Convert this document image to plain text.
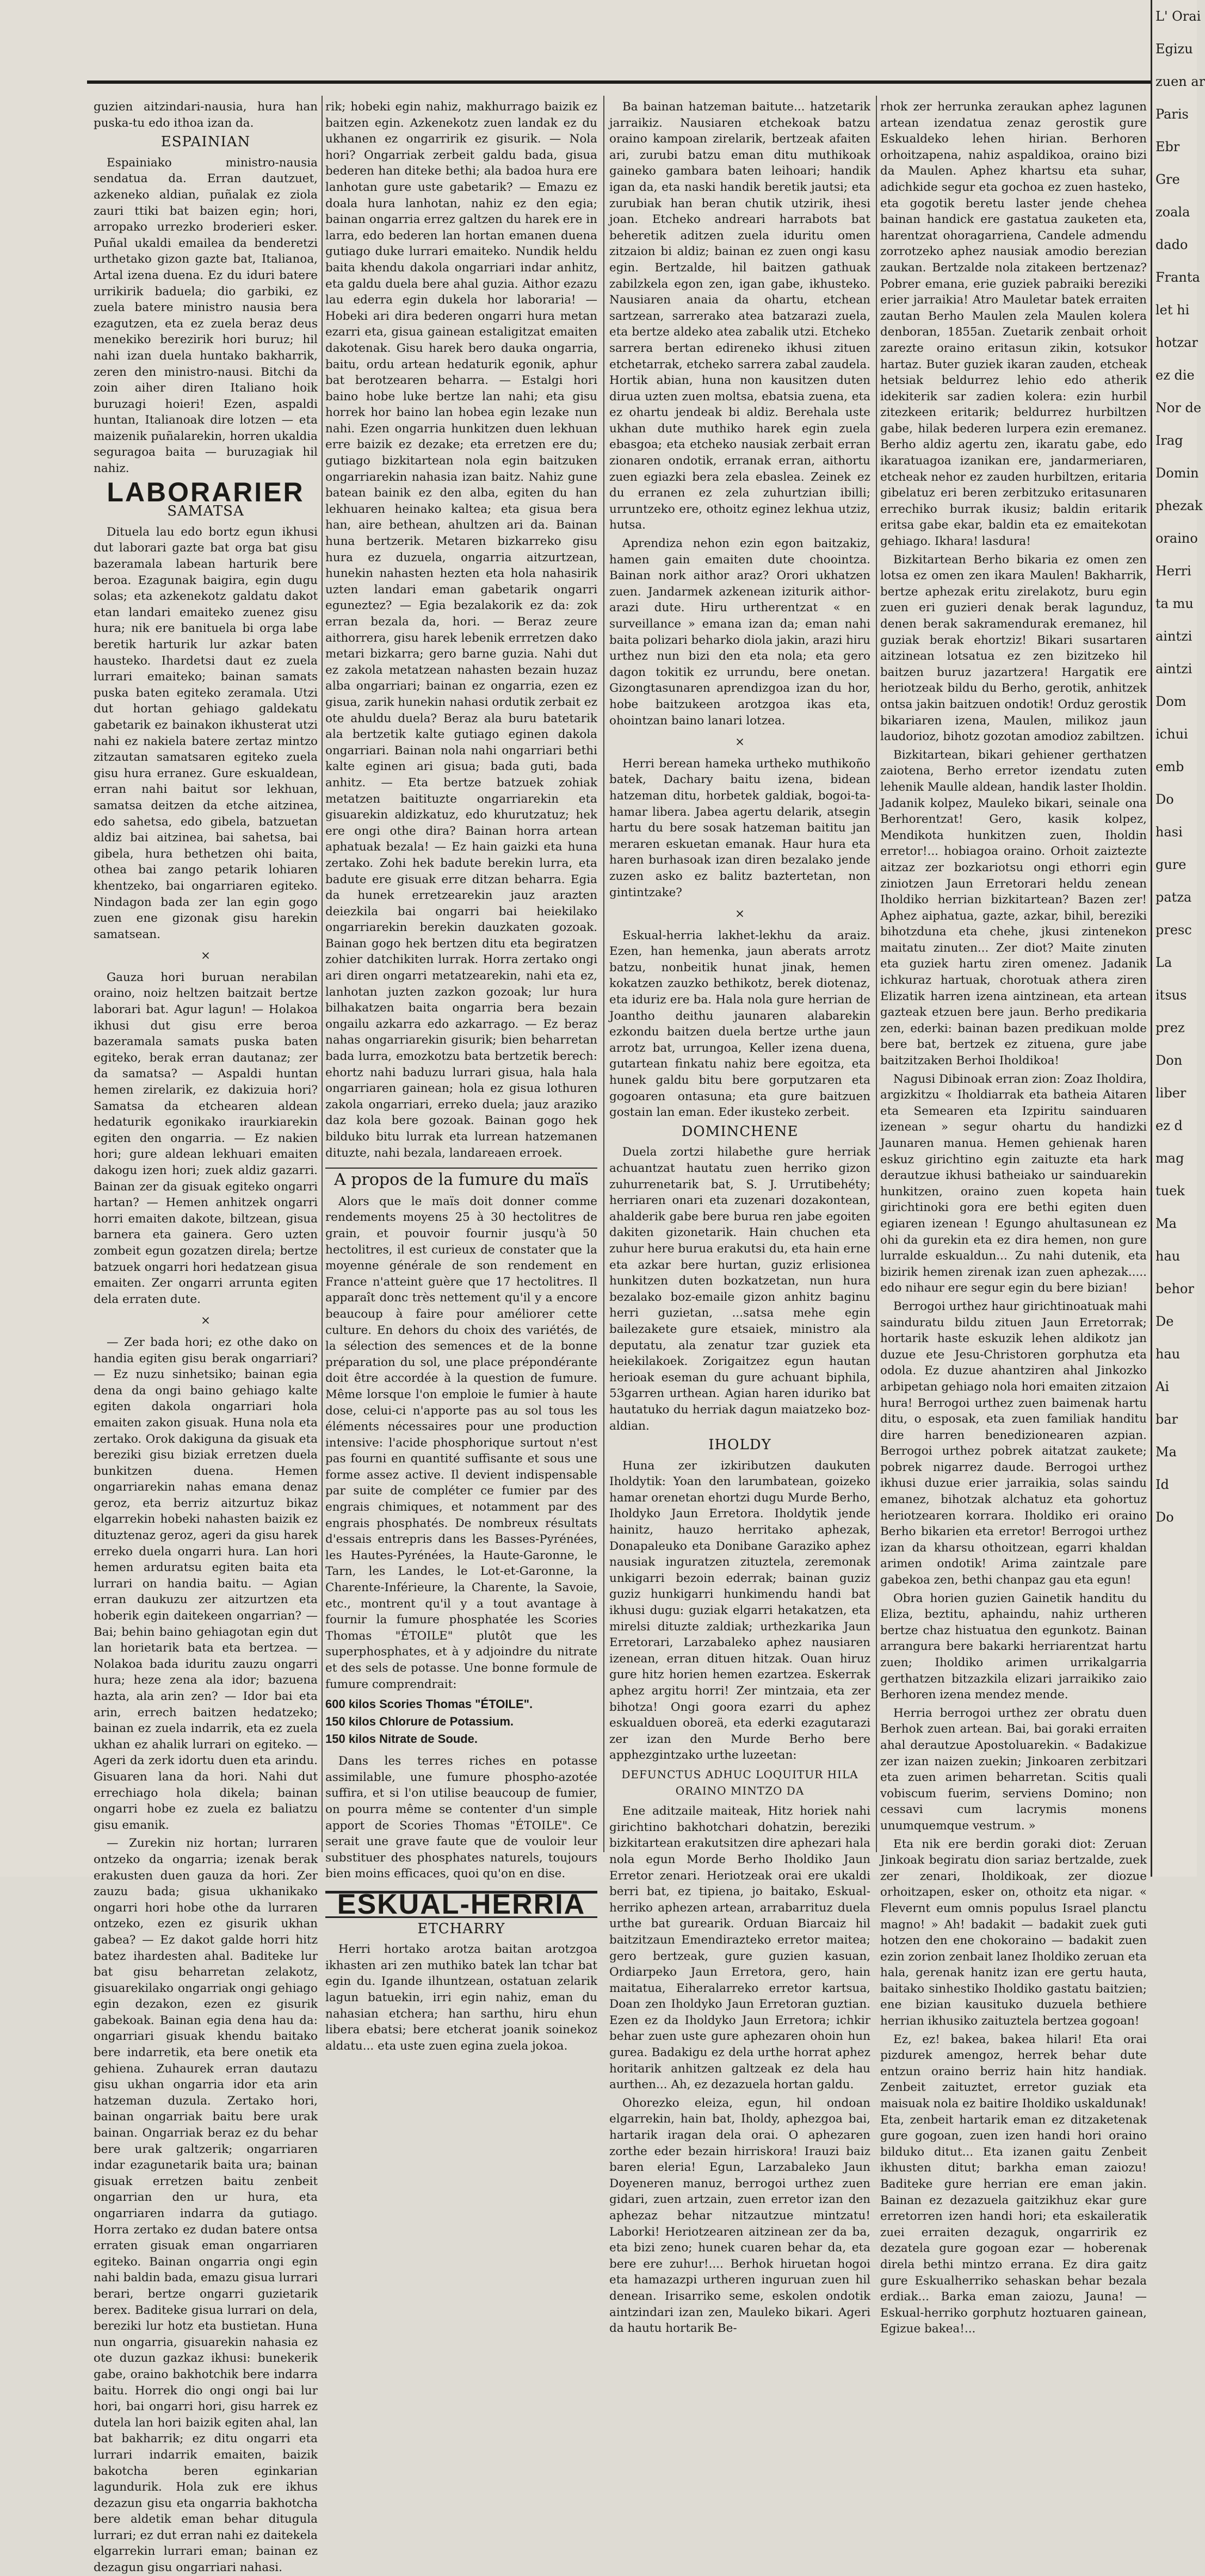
guzien aitzindari-nausia, hura han puska-tu edo ithoa izan da.

ESPAINIAN

Espainiako ministro-nausia sendatua da. Erran dautzuet, azkeneko aldian, puñalak ez ziola zauri ttiki bat baizen egin; hori, arropako urrezko broderieri esker. Puñal ukaldi emailea da benderetzi urthetako gizon gazte bat, Italianoa, Artal izena duena. Ez du iduri batere urrikirik baduela; dio garbiki, ez zuela batere ministro nausia bera ezagutzen, eta ez zuela beraz deus menekiko berezirik hori buruz; hil nahi izan duela huntako bakharrik, zeren den ministro-nausi. Bitchi da zoin aiher diren Italiano hoik buruzagi hoieri! Ezen, aspaldi huntan, Italianoak dire lotzen — eta maizenik puñalarekin, horren ukaldia seguragoa baita — buruzagiak hil nahiz.

LABORARIER
SAMATSA

Dituela lau edo bortz egun ikhusi dut laborari gazte bat orga bat gisu bazeramala labean harturik bere beroa. Ezagunak baigira, egin dugu solas; eta azkenekotz galdatu dakot etan landari emaiteko zuenez gisu hura; nik ere banituela bi orga labe beretik harturik lur azkar baten hausteko. Ihardetsi daut ez zuela lurrari emaiteko; bainan samats puska baten egiteko zeramala. Utzi dut hortan gehiago galdekatu gabetarik ez bainakon ikhusterat utzi nahi ez nakiela batere zertaz mintzo zitzautan samatsaren egiteko zuela gisu hura erranez. Gure eskualdean, erran nahi baitut sor lekhuan, samatsa deitzen da etche aitzinea, edo sahetsa, edo gibela, batzuetan aldiz bai aitzinea, bai sahetsa, bai gibela, hura bethetzen ohi baita, othea bai zango petarik lohiaren khentzeko, bai ongarriaren egiteko. Nindagon bada zer lan egin gogo zuen ene gizonak gisu harekin samatsean.

×

Gauza hori buruan nerabilan oraino, noiz heltzen baitzait bertze laborari bat. Agur lagun! — Holakoa ikhusi dut gisu erre beroa bazeramala samats puska baten egiteko, berak erran dautanaz; zer da samatsa? — Aspaldi huntan hemen zirelarik, ez dakizuia hori? Samatsa da etchearen aldean hedaturik egonikako iraurkiarekin egiten den ongarria. — Ez nakien hori; gure aldean lekhuari emaiten dakogu izen hori; zuek aldiz gazarri. Bainan zer da gisuak egiteko ongarri hartan? — Hemen anhitzek ongarri horri emaiten dakote, biltzean, gisua barnera eta gainera. Gero uzten zombeit egun gozatzen direla; bertze batzuek ongarri hori hedatzean gisua emaiten. Zer ongarri arrunta egiten dela erraten dute.

×

— Zer bada hori; ez othe dako on handia egiten gisu berak ongarriari? — Ez nuzu sinhetsiko; bainan egia dena da ongi baino gehiago kalte egiten dakola ongarriari hola emaiten zakon gisuak. Huna nola eta zertako. Orok dakiguna da gisuak eta bereziki gisu biziak erretzen duela bunkitzen duena. Hemen ongarriarekin nahas emana denaz geroz, eta berriz aitzurtuz bikaz elgarrekin hobeki nahasten baizik ez dituztenaz geroz, ageri da gisu harek erreko duela ongarri hura. Lan hori hemen arduratsu egiten baita eta lurrari on handia baitu. — Agian erran daukuzu zer aitzurtzen eta hoberik egin daitekeen ongarrian? — Bai; behin baino gehiagotan egin dut lan horietarik bata eta bertzea. — Nolakoa bada iduritu zauzu ongarri hura; heze zena ala idor; bazuena hazta, ala arin zen? — Idor bai eta arin, errech baitzen hedatzeko; bainan ez zuela indarrik, eta ez zuela ukhan ez ahalik lurrari on egiteko. — Ageri da zerk idortu duen eta arindu. Gisuaren lana da hori. Nahi dut errechiago hola dikela; bainan ongarri hobe ez zuela ez baliatzu gisu emanik.

— Zurekin niz hortan; lurraren ontzeko da ongarria; izenak berak erakusten duen gauza da hori. Zer zauzu bada; gisua ukhanikako ongarri hori hobe othe da lurraren ontzeko, ezen ez gisurik ukhan gabea? — Ez dakot galde horri hitz batez ihardesten ahal. Baditeke lur bat gisu beharretan zelakotz, gisuarekilako ongarriak ongi gehiago egin dezakon, ezen ez gisurik gabekoak. Bainan egia dena hau da: ongarriari gisuak khendu baitako bere indarretik, eta bere onetik eta gehiena. Zuhaurek erran dautazu gisu ukhan ongarria idor eta arin hatzeman duzula. Zertako hori, bainan ongarriak baitu bere urak bainan. Ongarriak beraz ez du behar bere urak galtzerik; ongarriaren indar ezagunetarik baita ura; bainan gisuak erretzen baitu zenbeit ongarrian den ur hura, eta ongarriaren indarra da gutiago. Horra zertako ez dudan batere ontsa erraten gisuak eman ongarriaren egiteko. Bainan ongarria ongi egin nahi baldin bada, emazu gisua lurrari berari, bertze ongarri guzietarik berex. Baditeke gisua lurrari on dela, bereziki lur hotz eta bustietan. Huna nun ongarria, gisuarekin nahasia ez ote duzun gazkaz ikhusi: bunekerik gabe, oraino bakhotchik bere indarra baitu. Horrek dio ongi ongi bai lur hori, bai ongarri hori, gisu harrek ez dutela lan hori baizik egiten ahal, lan bat bakharrik; ez ditu ongarri eta lurrari indarrik emaiten, baizik bakotcha beren eginkarian lagundurik. Hola zuk ere ikhus dezazun gisu eta ongarria bakhotcha bere aldetik eman behar ditugula lurrari; ez dut erran nahi ez daitekela elgarrekin lurrari eman; bainan ez dezagun gisu ongarriari nahasi.

rik; hobeki egin nahiz, makhurrago baizik ez baitzen egin. Azkenekotz zuen landak ez du ukhanen ez ongarririk ez gisurik. — Nola hori? Ongarriak zerbeit galdu bada, gisua bederen han diteke bethi; ala badoa hura ere lanhotan gure uste gabetarik? — Emazu ez doala hura lanhotan, nahiz ez den egia; bainan ongarria errez galtzen du harek ere in larra, edo bederen lan hortan emanen duena gutiago duke lurrari emaiteko. Nundik heldu baita khendu dakola ongarriari indar anhitz, eta galdu duela bere ahal guzia. Aithor ezazu lau ederra egin dukela hor laboraria! — Hobeki ari dira bederen ongarri hura metan ezarri eta, gisua gainean estaligitzat emaiten dakotenak. Gisu harek bero dauka ongarria, baitu, ordu artean hedaturik egonik, aphur bat berotzearen beharra. — Estalgi hori baino hobe luke bertze lan nahi; eta gisu horrek hor baino lan hobea egin lezake nun nahi. Ezen ongarria hunkitzen duen lekhuan erre baizik ez dezake; eta erretzen ere du; gutiago bizkitartean nola egin baitzuken ongarriarekin nahasia izan baitz. Nahiz gune batean bainik ez den alba, egiten du han lekhuaren heinako kaltea; eta gisua bera han, aire bethean, ahultzen ari da. Bainan huna bertzerik. Metaren bizkarreko gisu hura ez duzuela, ongarria aitzurtzean, hunekin nahasten hezten eta hola nahasirik uzten landari eman gabetarik ongarri eguneztez? — Egia bezalakorik ez da: zok erran bezala da, hori. — Beraz zeure aithorrera, gisu harek lebenik errretzen dako metari bizkarra; gero barne guzia. Nahi dut ez zakola metatzean nahasten bezain huzaz alba ongarriari; bainan ez ongarria, ezen ez gisua, zarik hunekin nahasi ordutik zerbait ez ote ahuldu duela? Beraz ala buru batetarik ala bertzetik kalte gutiago eginen dakola ongarriari. Bainan nola nahi ongarriari bethi kalte eginen ari gisua; bada guti, bada anhitz. — Eta bertze batzuek zohiak metatzen baitituzte ongarriarekin eta gisuarekin aldizkatuz, edo khurutzatuz; hek ere ongi othe dira? Bainan horra artean aphatuak bezala! — Ez hain gaizki eta huna zertako. Zohi hek badute berekin lurra, eta badute ere gisuak erre ditzan beharra. Egia da hunek erretzearekin jauz arazten deiezkila bai ongarri bai heiekilako ongarriarekin berekin dauzkaten gozoak. Bainan gogo hek bertzen ditu eta begiratzen zohier datchikiten lurrak. Horra zertako ongi ari diren ongarri metatzearekin, nahi eta ez, lanhotan juzten zazkon gozoak; lur hura bilhakatzen baita ongarria bera bezain ongailu azkarra edo azkarrago. — Ez beraz nahas ongarriarekin gisurik; bien beharretan bada lurra, emozkotzu bata bertzetik berech: ehortz nahi baduzu lurrari gisua, hala hala ongarriaren gainean; hola ez gisua lothuren zakola ongarriari, erreko duela; jauz araziko daz kola bere gozoak. Bainan gogo hek bilduko bitu lurrak eta lurrean hatzemanen dituzte, nahi bezala, landareaen erroek.

A propos de la fumure du maïs

Alors que le maïs doit donner comme rendements moyens 25 à 30 hectolitres de grain, et pouvoir fournir jusqu'à 50 hectolitres, il est curieux de constater que la moyenne générale de son rendement en France n'atteint guère que 17 hectolitres. Il apparaît donc très nettement qu'il y a encore beaucoup à faire pour améliorer cette culture. En dehors du choix des variétés, de la sélection des semences et de la bonne préparation du sol, une place prépondérante doit être accordée à la question de fumure. Même lorsque l'on emploie le fumier à haute dose, celui-ci n'apporte pas au sol tous les éléments nécessaires pour une production intensive: l'acide phosphorique surtout n'est pas fourni en quantité suffisante et sous une forme assez active. Il devient indispensable par suite de compléter ce fumier par des engrais chimiques, et notamment par des engrais phosphatés. De nombreux résultats d'essais entrepris dans les Basses-Pyrénées, les Hautes-Pyrénées, la Haute-Garonne, le Tarn, les Landes, le Lot-et-Garonne, la Charente-Inférieure, la Charente, la Savoie, etc., montrent qu'il y a tout avantage à fournir la fumure phosphatée les Scories Thomas "ÉTOILE" plutôt que les superphosphates, et à y adjoindre du nitrate et des sels de potasse. Une bonne formule de fumure comprendrait:

600 kilos Scories Thomas "ÉTOILE".
150 kilos Chlorure de Potassium.
150 kilos Nitrate de Soude.

Dans les terres riches en potasse assimilable, une fumure phospho-azotée suffira, et si l'on utilise beaucoup de fumier, on pourra même se contenter d'un simple apport de Scories Thomas "ÉTOILE". Ce serait une grave faute que de vouloir leur substituer des phosphates naturels, toujours bien moins efficaces, quoi qu'on en dise.

ESKUAL-HERRIA
ETCHARRY

Herri hortako arotza baitan arotzgoa ikhasten ari zen muthiko batek lan tchar bat egin du. Igande ilhuntzean, ostatuan zelarik lagun batuekin, irri egin nahiz, eman du nahasian etchera; han sarthu, hiru ehun libera ebatsi; bere etcherat joanik soinekoz aldatu... eta uste zuen egina zuela jokoa.

Ba bainan hatzeman baitute... hatzetarik jarraikiz. Nausiaren etchekoak batzu oraino kampoan zirelarik, bertzeak afaiten ari, zurubi batzu eman ditu muthikoak gaineko gambara baten leihoari; handik igan da, eta naski handik beretik jautsi; eta zurubiak han beran chutik utzirik, ihesi joan. Etcheko andreari harrabots bat beheretik aditzen zuela iduritu omen zitzaion bi aldiz; bainan ez zuen ongi kasu egin. Bertzalde, hil baitzen gathuak zabilzkela egon zen, igan gabe, ikhusteko. Nausiaren anaia da ohartu, etchean sartzean, sarrerako atea batzarazi zuela, eta bertze aldeko atea zabalik utzi. Etcheko sarrera bertan edireneko ikhusi zituen etchetarrak, etcheko sarrera zabal zaudela. Hortik abian, huna non kausitzen duten dirua uzten zuen moltsa, ebatsia zuena, eta ez ohartu jendeak bi aldiz. Berehala uste ukhan dute muthiko harek egin zuela ebasgoa; eta etcheko nausiak zerbait erran zionaren ondotik, erranak erran, aithortu zuen egiazki bera zela ebaslea. Zeinek ez du erranen ez zela zuhurtzian ibilli; urruntzeko ere, othoitz eginez lekhua utziz, hutsa.

Aprendiza nehon ezin egon baitzakiz, hamen gain emaiten dute choointza. Bainan nork aithor araz? Orori ukhatzen zuen. Jandarmek azkenean iziturik aithor-arazi dute. Hiru urtherentzat « en surveillance » emana izan da; eman nahi baita polizari beharko diola jakin, arazi hiru urthez nun bizi den eta nola; eta gero dagon tokitik ez urrundu, bere onetan. Gizongtasunaren aprendizgoa izan du hor, hobe baitzukeen arotzgoa ikas eta, ohointzan baino lanari lotzea.

×

Herri berean hameka urtheko muthikoño batek, Dachary baitu izena, bidean hatzeman ditu, horbetek galdiak, bogoi-ta-hamar libera. Jabea agertu delarik, atsegin hartu du bere sosak hatzeman baititu jan meraren eskuetan emanak. Haur hura eta haren burhasoak izan diren bezalako jende zuzen asko ez balitz baztertetan, non gintintzake?

×

Eskual-herria lakhet-lekhu da araiz. Ezen, han hemenka, jaun aberats arrotz batzu, nonbeitik hunat jinak, hemen kokatzen zauzko bethikotz, berek diotenaz, eta iduriz ere ba. Hala nola gure herrian de Joantho deithu jaunaren alabarekin ezkondu baitzen duela bertze urthe jaun arrotz bat, urrungoa, Keller izena duena, gutartean finkatu nahiz bere egoitza, eta hunek galdu bitu bere gorputzaren eta gogoaren ontasuna; eta gure baitzuen gostain lan eman. Eder ikusteko zerbeit.

DOMINCHENE

Duela zortzi hilabethe gure herriak achuantzat hautatu zuen herriko gizon zuhurrenetarik bat, S. J. Urrutibehéty; herriaren onari eta zuzenari dozakontean, ahalderik gabe bere burua ren jabe egoiten dakiten gizonetarik. Hain chuchen eta zuhur here burua erakutsi du, eta hain erne eta azkar bere hurtan, guziz erlisionea hunkitzen duten bozkatzetan, nun hura bezalako boz-emaile gizon anhitz baginu herri guzietan, ...satsa mehe egin bailezakete gure etsaiek, ministro ala deputatu, ala zenatur tzar guziek eta heiekilakoek. Zorigaitzez egun hautan herioak eseman du gure achuant biphila, 53garren urthean. Agian haren iduriko bat hautatuko du herriak dagun maiatzeko boz-aldian.

IHOLDY

Huna zer izkiributzen daukuten Iholdytik: Yoan den larumbatean, goizeko hamar orenetan ehortzi dugu Murde Berho, Iholdyko Jaun Erretora. Iholdytik jende hainitz, hauzo herritako aphezak, Donapaleuko eta Donibane Garaziko aphez nausiak inguratzen zituztela, zeremonak unkigarri bezoin ederrak; bainan guziz guziz hunkigarri hunkimendu handi bat ikhusi dugu: guziak elgarri hetakatzen, eta mirelsi dituzte zaldiak; urthezkarika Jaun Erretorari, Larzabaleko aphez nausiaren izenean, erran dituen hitzak. Ouan hiruz gure hitz horien hemen ezartzea. Eskerrak aphez argitu horri! Zer mintzaia, eta zer bihotza! Ongi goora ezarri du aphez eskualduen oboreä, eta ederki ezagutarazi zer izan den Murde Berho bere apphezgintzako urthe luzeetan:

DEFUNCTUS ADHUC LOQUITUR HILA ORAINO MINTZO DA

Ene aditzaile maiteak, Hitz horiek nahi girichtino bakhotchari dohatzin, bereziki bizkitartean erakutsitzen dire aphezari hala nola egun Morde Berho Iholdiko Jaun Erretor zenari. Heriotzeak orai ere ukaldi berri bat, ez tipiena, jo baitako, Eskual-herriko aphezen artean, arrabarrituz duela urthe bat gurearik. Orduan Biarcaiz hil baitzitzaun Emendirazteko erretor maitea; gero bertzeak, gure guzien kasuan, Ordiarpeko Jaun Erretora, gero, hain maitatua, Eiheralarreko erretor kartsua, Doan zen Iholdyko Jaun Erretoran guztian. Ezen ez da Iholdyko Jaun Erretora; ichkir behar zuen uste gure aphezaren ohoin hun gurea. Badakigu ez dela urthe horrat aphez horitarik anhitzen galtzeak ez dela hau aurthen... Ah, ez dezazuela hortan galdu.

Ohorezko eleiza, egun, hil ondoan elgarrekin, hain bat, Iholdy, aphezgoa bai, hartarik iragan dela orai. O aphezaren zorthe eder bezain hirriskora! Irauzi baiz baren eleria! Egun, Larzabaleko Jaun Doyeneren manuz, berrogoi urthez zuen gidari, zuen artzain, zuen erretor izan den aphezaz behar nitzautzue mintzatu! Laborki! Heriotzearen aitzinean zer da ba, eta bizi zeno; hunek cuaren behar da, eta bere ere zuhur!.... Berhok hiruetan hogoi eta hamazazpi urtheren inguruan zuen hil denean. Irisarriko seme, eskolen ondotik aintzindari izan zen, Mauleko bikari. Ageri da hautu hortarik Be-

rhok zer herrunka zeraukan aphez lagunen artean izendatua zenaz gerostik gure Eskualdeko lehen hirian. Berhoren orhoitzapena, nahiz aspaldikoa, oraino bizi da Maulen. Aphez khartsu eta suhar, adichkide segur eta gochoa ez zuen hasteko, eta gogotik beretu laster jende chehea bainan handick ere gastatua zauketen eta, harentzat ohoragarriena, Candele admendu zorrotzeko aphez nausiak amodio berezian zaukan. Bertzalde nola zitakeen bertzenaz? Pobrer emana, erie guziek pabraiki bereziki erier jarraikia! Atro Mauletar batek erraiten zautan Berho Maulen zela Maulen kolera denboran, 1855an. Zuetarik zenbait orhoit zarezte oraino eritasun zikin, kotsukor hartaz. Buter guziek ikaran zauden, etcheak hetsiak beldurrez lehio edo atherik idekiterik sar zadien kolera: ezin hurbil zitezkeen eritarik; beldurrez hurbiltzen gabe, hilak bederen lurpera ezin eremanez. Berho aldiz agertu zen, ikaratu gabe, edo ikaratuagoa izanikan ere, jandarmeriaren, etcheak nehor ez zauden hurbiltzen, eritaria gibelatuz eri beren zerbitzuko eritasunaren errechiko burrak ikusiz; baldin eritarik eritsa gabe ekar, baldin eta ez emaitekotan gehiago. Ikhara! lasdura!

Bizkitartean Berho bikaria ez omen zen lotsa ez omen zen ikara Maulen! Bakharrik, bertze aphezak eritu zirelakotz, buru egin zuen eri guzieri denak berak lagunduz, denen berak sakramendurak eremanez, hil guziak berak ehortziz! Bikari susartaren aitzinean lotsatua ez zen bizitzeko hil baitzen buruz jazartzera! Hargatik ere heriotzeak bildu du Berho, gerotik, anhitzek ontsa jakin baitzuen ondotik! Orduz gerostik bikariaren izena, Maulen, milikoz jaun laudorioz, bihotz gozotan amodioz zabiltzen.

Bizkitartean, bikari gehiener gerthatzen zaiotena, Berho erretor izendatu zuten lehenik Maulle aldean, handik laster Iholdin. Jadanik kolpez, Mauleko bikari, seinale ona Berhorentzat! Gero, kasik kolpez, Mendikota hunkitzen zuen, Iholdin erretor!... hobiagoa oraino. Orhoit zaiztezte aitzaz zer bozkariotsu ongi ethorri egin ziniotzen Jaun Erretorari heldu zenean Iholdiko herrian bizkitartean? Bazen zer! Aphez aiphatua, gazte, azkar, bihil, bereziki bihotzduna eta chehe, jkusi zintenekon maitatu zinuten... Zer diot? Maite zinuten eta guziek hartu ziren omenez. Jadanik ichkuraz hartuak, chorotuak athera ziren Elizatik harren izena aintzinean, eta artean gazteak etzuen bere jaun. Berho predikaria zen, ederki: bainan bazen predikuan molde bere bat, bertzek ez zituena, gure jabe baitzitzaken Berhoi Iholdikoa!

Nagusi Dibinoak erran zion: Zoaz Iholdira, argizkitzu « Iholdiarrak eta batheia Aitaren eta Semearen eta Izpiritu sainduaren izenean » segur ohartu du handizki Jaunaren manua. Hemen gehienak haren eskuz girichtino egin zaituzte eta hark derautzue ikhusi batheiako ur sainduarekin hunkitzen, oraino zuen kopeta hain girichtinoki gora ere bethi egiten duen egiaren izenean ! Egungo ahultasunean ez ohi da gurekin eta ez dira hemen, non gure lurralde eskualdun... Zu nahi dutenik, eta bizirik hemen zirenak izan zuen aphezak..... edo nihaur ere segur egin du bere bizian!

Berrogoi urthez haur girichtinoatuak mahi sainduratu bildu zituen Jaun Erretorrak; hortarik haste eskuzik lehen aldikotz jan duzue ete Jesu-Christoren gorphutza eta odola. Ez duzue ahantziren ahal Jinkozko arbipetan gehiago nola hori emaiten zitzaion hura! Berrogoi urthez zuen baimenak hartu ditu, o esposak, eta zuen familiak handitu dire harren benedizionearen azpian. Berrogoi urthez pobrek aitatzat zaukete; pobrek nigarrez daude. Berrogoi urthez ikhusi duzue erier jarraikia, solas saindu emanez, bihotzak alchatuz eta gohortuz heriotzearen korrara. Iholdiko eri oraino Berho bikarien eta erretor! Berrogoi urthez izan da kharsu othoitzean, egarri khaldan arimen ondotik! Arima zaintzale pare gabekoa zen, bethi chanpaz gau eta egun!

Obra horien guzien Gainetik handitu du Eliza, beztitu, aphaindu, nahiz urtheren bertze chaz histuatua den egunkotz. Bainan arrangura bere bakarki herriarentzat hartu zuen; Iholdiko arimen urrikalgarria gerthatzen bitzazkila elizari jarraikiko zaio Berhoren izena mendez mende.

Herria berrogoi urthez zer obratu duen Berhok zuen artean. Bai, bai goraki erraiten ahal derautzue Apostoluarekin. « Badakizue zer izan naizen zuekin; Jinkoaren zerbitzari eta zuen arimen beharretan. Scitis quali vobiscum fuerim, serviens Domino; non cessavi cum lacrymis monens unumquemque vestrum. »

Eta nik ere berdin goraki diot: Zeruan Jinkoak begiratu dion sariaz bertzalde, zuek zer zenari, Iholdikoak, zer diozue orhoitzapen, esker on, othoitz eta nigar. « Flevernt eum omnis populus Israel planctu magno! » Ah! badakit — badakit zuek guti hotzen den ene chokoraino — badakit zuen ezin zorion zenbait lanez Iholdiko zeruan eta hala, gerenak hanitz izan ere gertu hauta, baitako sinhestiko Iholdiko gastatu baitzien; ene bizian kausituko duzuela bethiere herrian ikhusiko zaituztela bertzea gogoan!

Ez, ez! bakea, bakea hilari! Eta orai pizdurek amengoz, herrek behar dute entzun oraino berriz hain hitz handiak. Zenbeit zaituztet, erretor guziak eta maisuak nola ez baitire Iholdiko uskaldunak! Eta, zenbeit hartarik eman ez ditzaketenak gure gogoan, zuen izen handi hori oraino bilduko ditut... Eta izanen gaitu Zenbeit ikhusten ditut; barkha eman zaiozu! Baditeke gure herrian ere eman jakin. Bainan ez dezazuela gaitzikhuz ekar gure erretorren izen handi hori; eta eskaileratik zuei erraiten dezaguk, ongarririk ez dezatela gure gogoan ezar — hoberenak direla bethi mintzo errana. Ez dira gaitz gure Eskualherriko sehaskan behar bezala erdiak... Barka eman zaiozu, Jauna! — Eskual-herriko gorphutz hoztuaren gainean, Egizue bakea!...

L' Orai
Egizu
zuen ar
Paris
Ebr
Gre
zoala
dado
Franta
let hi
hotzar
ez die
Nor de
Irag
Domin
phezak
oraino
Herri
ta mu
aintzi
aintzi
Dom
ichui
emb
Do
hasi
gure
patza
presc
La
itsus
prez
Don
liber
ez d
mag
tuek
Ma
hau
behor
De
hau
Ai
bar
Ma
Id
Do
